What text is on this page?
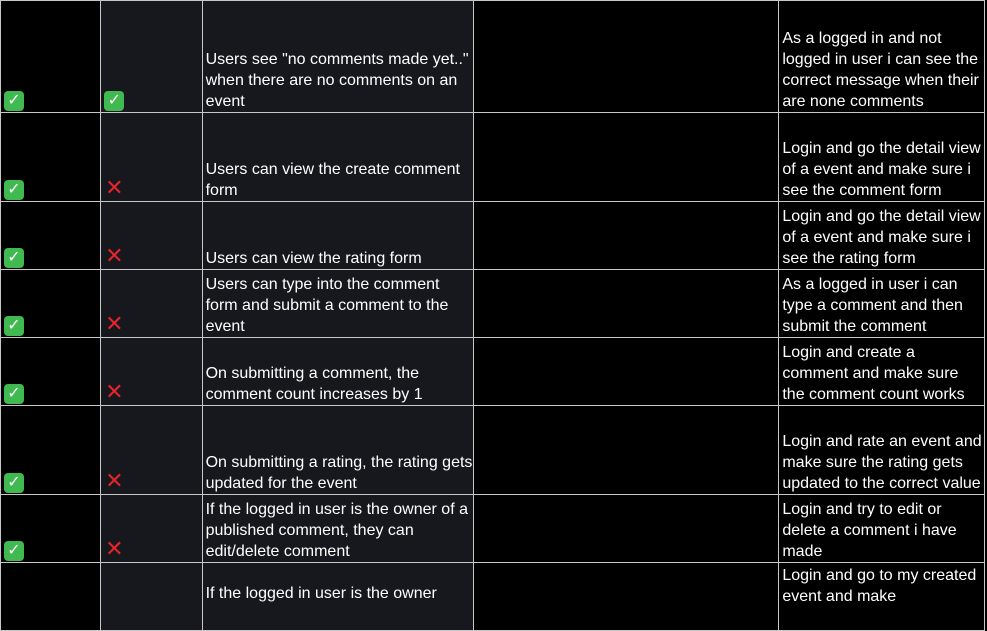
✓	✓	Users see "no comments made yet.." when there are no comments on an event		As a logged in and not logged in user i can see the correct message when their are none comments
✓	✕	Users can view the create comment form		Login and go the detail view of a event and make sure i see the comment form
✓	✕	Users can view the rating form		Login and go the detail view of a event and make sure i see the rating form
✓	✕	Users can type into the comment form and submit a comment to the event		As a logged in user i can type a comment and then submit the comment
✓	✕	On submitting a comment, the comment count increases by 1		Login and create a comment and make sure the comment count works
✓	✕	On submitting a rating, the rating gets updated for the event		Login and rate an event and make sure the rating gets updated to the correct value
✓	✕	If the logged in user is the owner of a published comment, they can edit/delete comment		Login and try to edit or delete a comment i have made
		If the logged in user is the owner		Login and go to my created event and make
